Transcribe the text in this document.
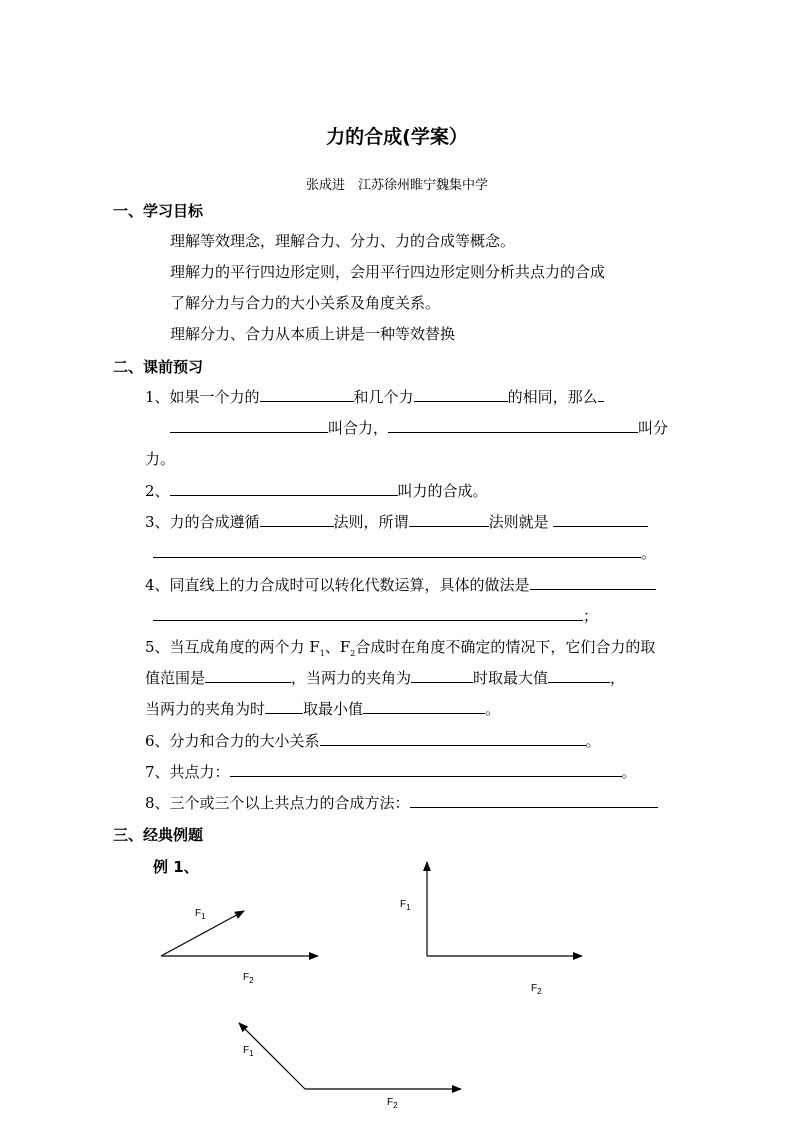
力的合成(学案）
张成进　江苏徐州睢宁魏集中学
一、学习目标
理解等效理念，理解合力、分力、力的合成等概念。
理解力的平行四边形定则，会用平行四边形定则分析共点力的合成
了解分力与合力的大小关系及角度关系。
理解分力、合力从本质上讲是一种等效替换
二、课前预习
1、如果一个力的	和几个力	的相同，那么
叫合力，	叫分
力。
2、	叫力的合成。
3、力的合成遵循	法则，所谓	法则就是
。
4、同直线上的力合成时可以转化代数运算，具体的做法是
；
5、当互成角度的两个力 $F_1$、$F_2$合成时在角度不确定的情况下，它们合力的取
值范围是	，当两力的夹角为	时取最大值	，
当两力的夹角为时	取最小值	。
6、分力和合力的大小关系	。
7、共点力：	。
8、三个或三个以上共点力的合成方法：
三、经典例题
例 1、
$F_1$
$F_2$
$F_1$
$F_2$
$F_1$
$F_2$
